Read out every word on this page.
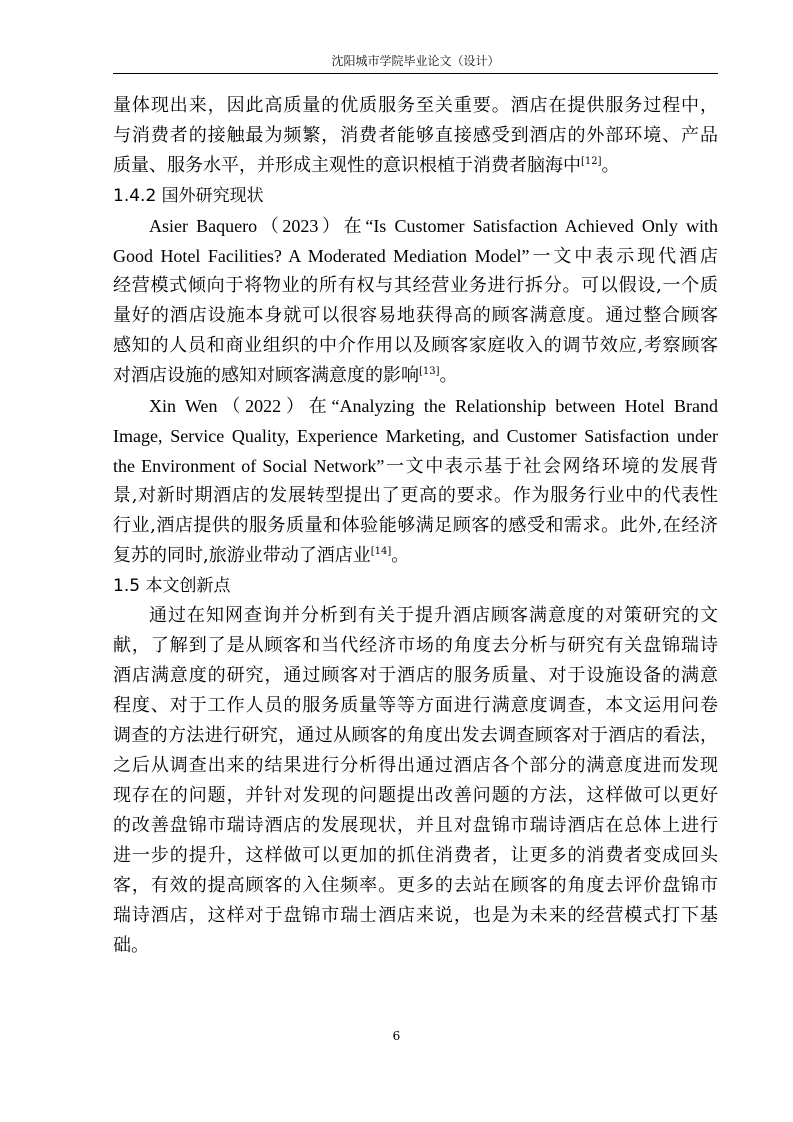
沈阳城市学院毕业论文（设计）
量体现出来，因此高质量的优质服务至关重要。酒店在提供服务过程中，
与消费者的接触最为频繁，消费者能够直接感受到酒店的外部环境、产品
质量、服务水平，并形成主观性的意识根植于消费者脑海中[12]。
1.4.2 国外研究现状
Asier Baquero（2023）在“Is Customer Satisfaction Achieved Only with
Good Hotel Facilities? A Moderated Mediation Model”一文中表示现代酒店
经营模式倾向于将物业的所有权与其经营业务进行拆分。可以假设,一个质
量好的酒店设施本身就可以很容易地获得高的顾客满意度。通过整合顾客
感知的人员和商业组织的中介作用以及顾客家庭收入的调节效应,考察顾客
对酒店设施的感知对顾客满意度的影响[13]。
Xin Wen（2022）在“Analyzing the Relationship between Hotel Brand
Image, Service Quality, Experience Marketing, and Customer Satisfaction under
the Environment of Social Network”一文中表示基于社会网络环境的发展背
景,对新时期酒店的发展转型提出了更高的要求。作为服务行业中的代表性
行业,酒店提供的服务质量和体验能够满足顾客的感受和需求。此外,在经济
复苏的同时,旅游业带动了酒店业[14]。
1.5 本文创新点
通过在知网查询并分析到有关于提升酒店顾客满意度的对策研究的文
献，了解到了是从顾客和当代经济市场的角度去分析与研究有关盘锦瑞诗
酒店满意度的研究，通过顾客对于酒店的服务质量、对于设施设备的满意
程度、对于工作人员的服务质量等等方面进行满意度调查，本文运用问卷
调查的方法进行研究，通过从顾客的角度出发去调查顾客对于酒店的看法，
之后从调查出来的结果进行分析得出通过酒店各个部分的满意度进而发现
现存在的问题，并针对发现的问题提出改善问题的方法，这样做可以更好
的改善盘锦市瑞诗酒店的发展现状，并且对盘锦市瑞诗酒店在总体上进行
进一步的提升，这样做可以更加的抓住消费者，让更多的消费者变成回头
客，有效的提高顾客的入住频率。更多的去站在顾客的角度去评价盘锦市
瑞诗酒店，这样对于盘锦市瑞士酒店来说，也是为未来的经营模式打下基
础。
6
